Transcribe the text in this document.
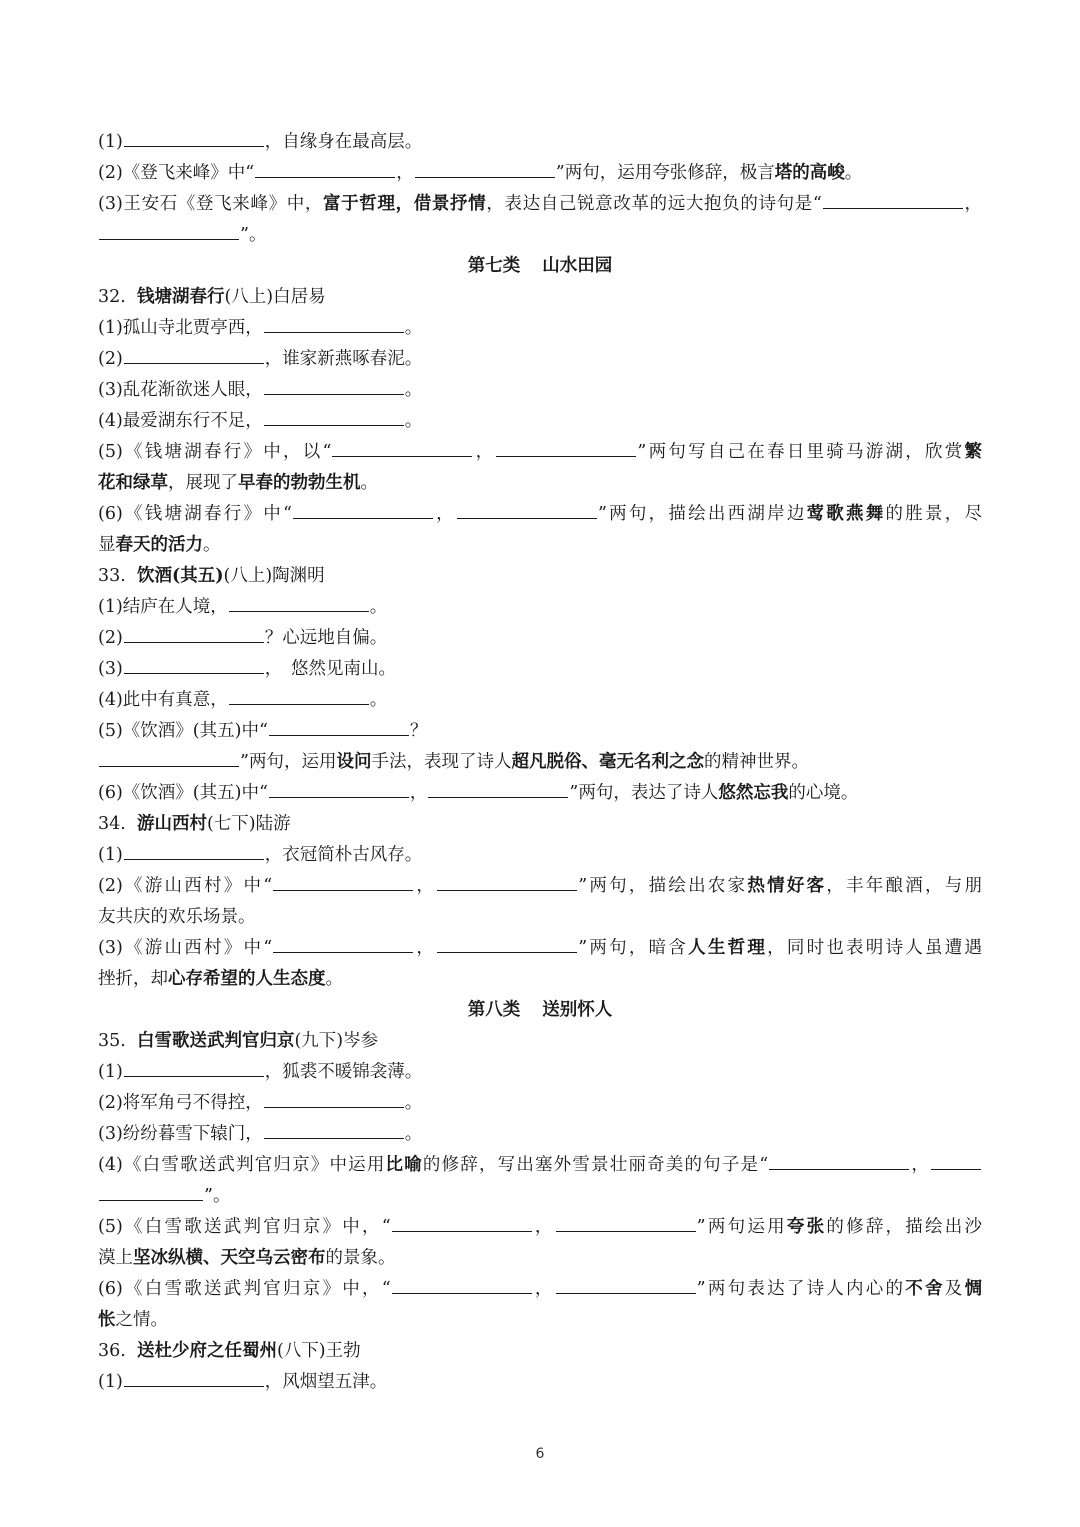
(1)	，自缘身在最高层。
(2)《登飞来峰》中“	，	”两句，运用夸张修辞，极言塔的高峻。
(3)王安石《登飞来峰》中，富于哲理，借景抒情，表达自己锐意改革的远大抱负的诗句是“	，
”。
第七类 山水田园
32.  钱塘湖春行(八上)白居易
(1)孤山寺北贾亭西，	。
(2)	，谁家新燕啄春泥。
(3)乱花渐欲迷人眼，	。
(4)最爱湖东行不足，	。
(5)《钱塘湖春行》中，以“	，	”两句写自己在春日里骑马游湖，欣赏繁
花和绿草，展现了早春的勃勃生机。
(6)《钱塘湖春行》中“	，	”两句，描绘出西湖岸边莺歌燕舞的胜景，尽
显春天的活力。
33.  饮酒(其五)(八上)陶渊明
(1)结庐在人境，	。
(2)	？心远地自偏。
(3)	，　悠然见南山。
(4)此中有真意，	。
(5)《饮酒》(其五)中“	？
”两句，运用设问手法，表现了诗人超凡脱俗、毫无名利之念的精神世界。
(6)《饮酒》(其五)中“	，	”两句，表达了诗人悠然忘我的心境。
34.  游山西村(七下)陆游
(1)	，衣冠简朴古风存。
(2)《游山西村》中“	，	”两句，描绘出农家热情好客，丰年酿酒，与朋
友共庆的欢乐场景。
(3)《游山西村》中“	，	”两句，暗含人生哲理，同时也表明诗人虽遭遇
挫折，却心存希望的人生态度。
第八类 送别怀人
35.  白雪歌送武判官归京(九下)岑参
(1)	，狐裘不暖锦衾薄。
(2)将军角弓不得控，	。
(3)纷纷暮雪下辕门，	。
(4)《白雪歌送武判官归京》中运用比喻的修辞，写出塞外雪景壮丽奇美的句子是“	，
”。
(5)《白雪歌送武判官归京》中，“	，	”两句运用夸张的修辞，描绘出沙
漠上坚冰纵横、天空乌云密布的景象。
(6)《白雪歌送武判官归京》中，“	，	”两句表达了诗人内心的不舍及惆
怅之情。
36.  送杜少府之任蜀州(八下)王勃
(1)	，风烟望五津。
6
